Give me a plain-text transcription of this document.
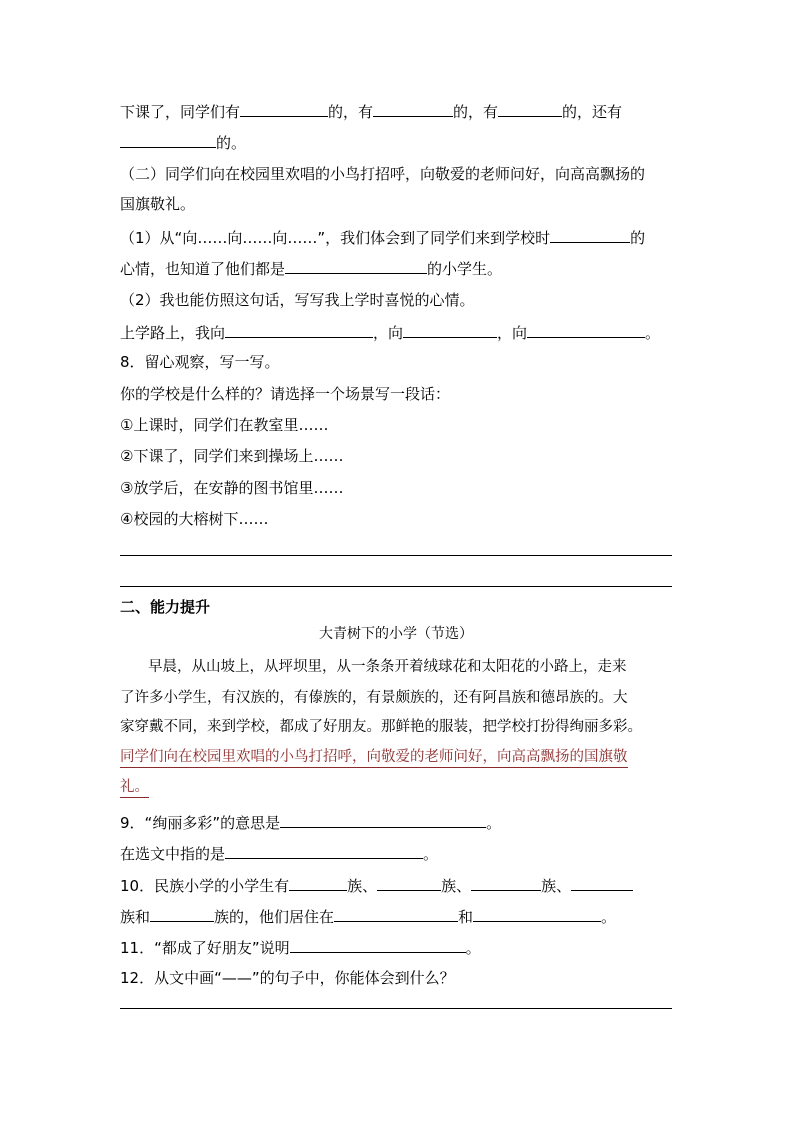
下课了，同学们有	的，有	的，有	的，还有
的。
（二）同学们向在校园里欢唱的小鸟打招呼，向敬爱的老师问好，向高高飘扬的
国旗敬礼。
（1）从“向……向……向……”，我们体会到了同学们来到学校时	的
心情，也知道了他们都是	的小学生。
（2）我也能仿照这句话，写写我上学时喜悦的心情。
上学路上，我向	，向	，向	。
8．留心观察，写一写。
你的学校是什么样的？请选择一个场景写一段话：
①上课时，同学们在教室里……
②下课了，同学们来到操场上……
③放学后，在安静的图书馆里……
④校园的大榕树下……
二、能力提升
大青树下的小学（节选）
早晨，从山坡上，从坪坝里，从一条条开着绒球花和太阳花的小路上，走来
了许多小学生，有汉族的，有傣族的，有景颇族的，还有阿昌族和德昂族的。大
家穿戴不同，来到学校，都成了好朋友。那鲜艳的服装，把学校打扮得绚丽多彩。
同学们向在校园里欢唱的小鸟打招呼，向敬爱的老师问好，向高高飘扬的国旗敬
礼。
9．“绚丽多彩”的意思是	。
在选文中指的是	。
10．民族小学的小学生有	族、	族、	族、
族和	族的，他们居住在	和	。
11．“都成了好朋友”说明	。
12．从文中画“——”的句子中，你能体会到什么？
